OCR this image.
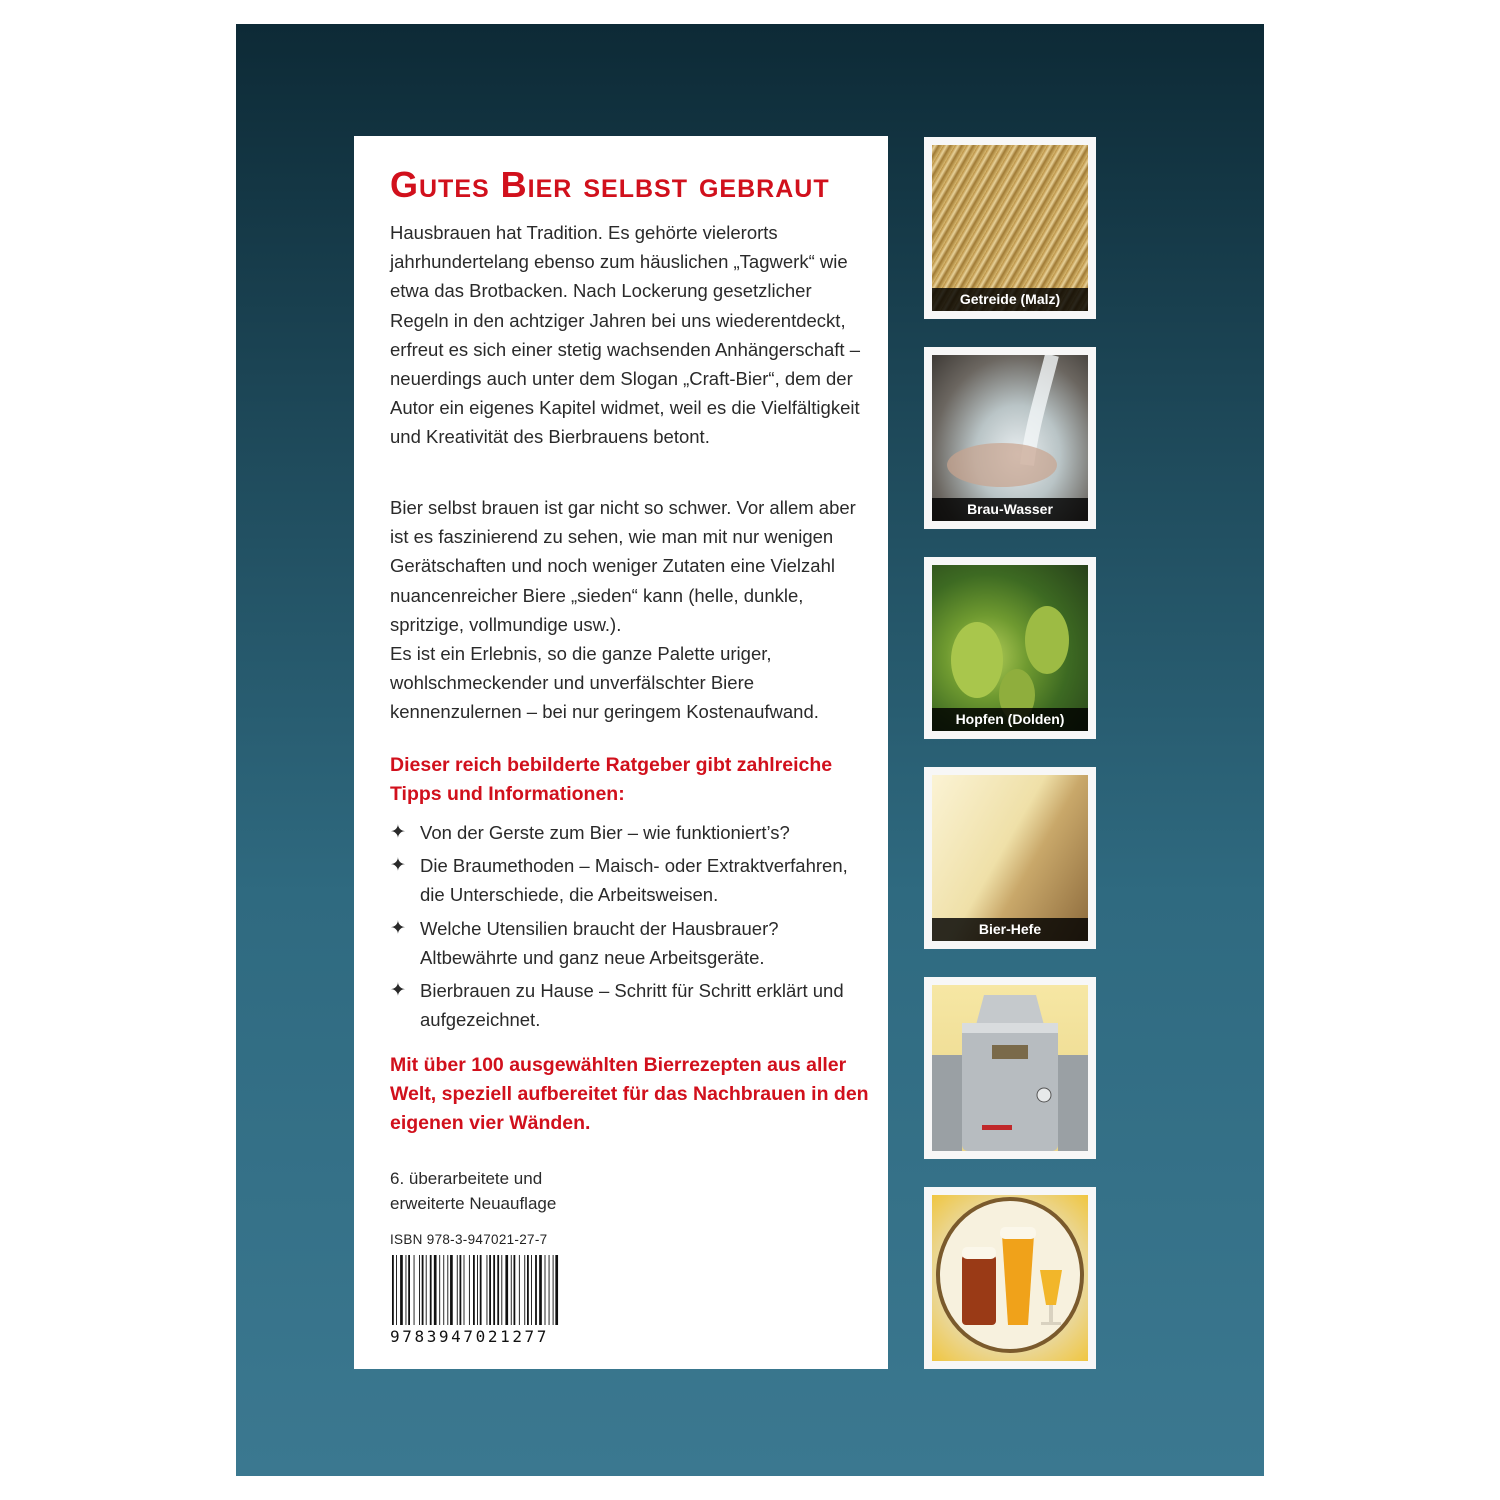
Gutes Bier selbst gebraut

Hausbrauen hat Tradition. Es gehörte vielerorts jahrhundertelang ebenso zum häuslichen „Tagwerk“ wie etwa das Brotbacken. Nach Lockerung gesetzlicher Regeln in den achtziger Jahren bei uns wiederentdeckt, erfreut es sich einer stetig wachsenden Anhängerschaft – neuerdings auch unter dem Slogan „Craft-Bier“, dem der Autor ein eigenes Kapitel widmet, weil es die Vielfältigkeit und Kreativität des Bierbrauens betont.

Bier selbst brauen ist gar nicht so schwer. Vor allem aber ist es faszinierend zu sehen, wie man mit nur wenigen Gerätschaften und noch weniger Zutaten eine Vielzahl nuancenreicher Biere „sieden“ kann (helle, dunkle, spritzige, vollmundige usw.).
Es ist ein Erlebnis, so die ganze Palette uriger, wohlschmeckender und unverfälschter Biere kennenzulernen – bei nur geringem Kostenaufwand.

Dieser reich bebilderte Ratgeber gibt zahlreiche Tipps und Informationen:

✦ Von der Gerste zum Bier – wie funktioniert’s?
✦ Die Braumethoden – Maisch- oder Extraktverfahren, die Unterschiede, die Arbeitsweisen.
✦ Welche Utensilien braucht der Hausbrauer? Altbewährte und ganz neue Arbeitsgeräte.
✦ Bierbrauen zu Hause – Schritt für Schritt erklärt und aufgezeichnet.

Mit über 100 ausgewählten Bierrezepten aus aller Welt, speziell aufbereitet für das Nachbrauen in den eigenen vier Wänden.

6. überarbeitete und
erweiterte Neuauflage

ISBN 978-3-947021-27-7
9783947021277
Getreide (Malz)
Brau-Wasser
Hopfen (Dolden)
Bier-Hefe
